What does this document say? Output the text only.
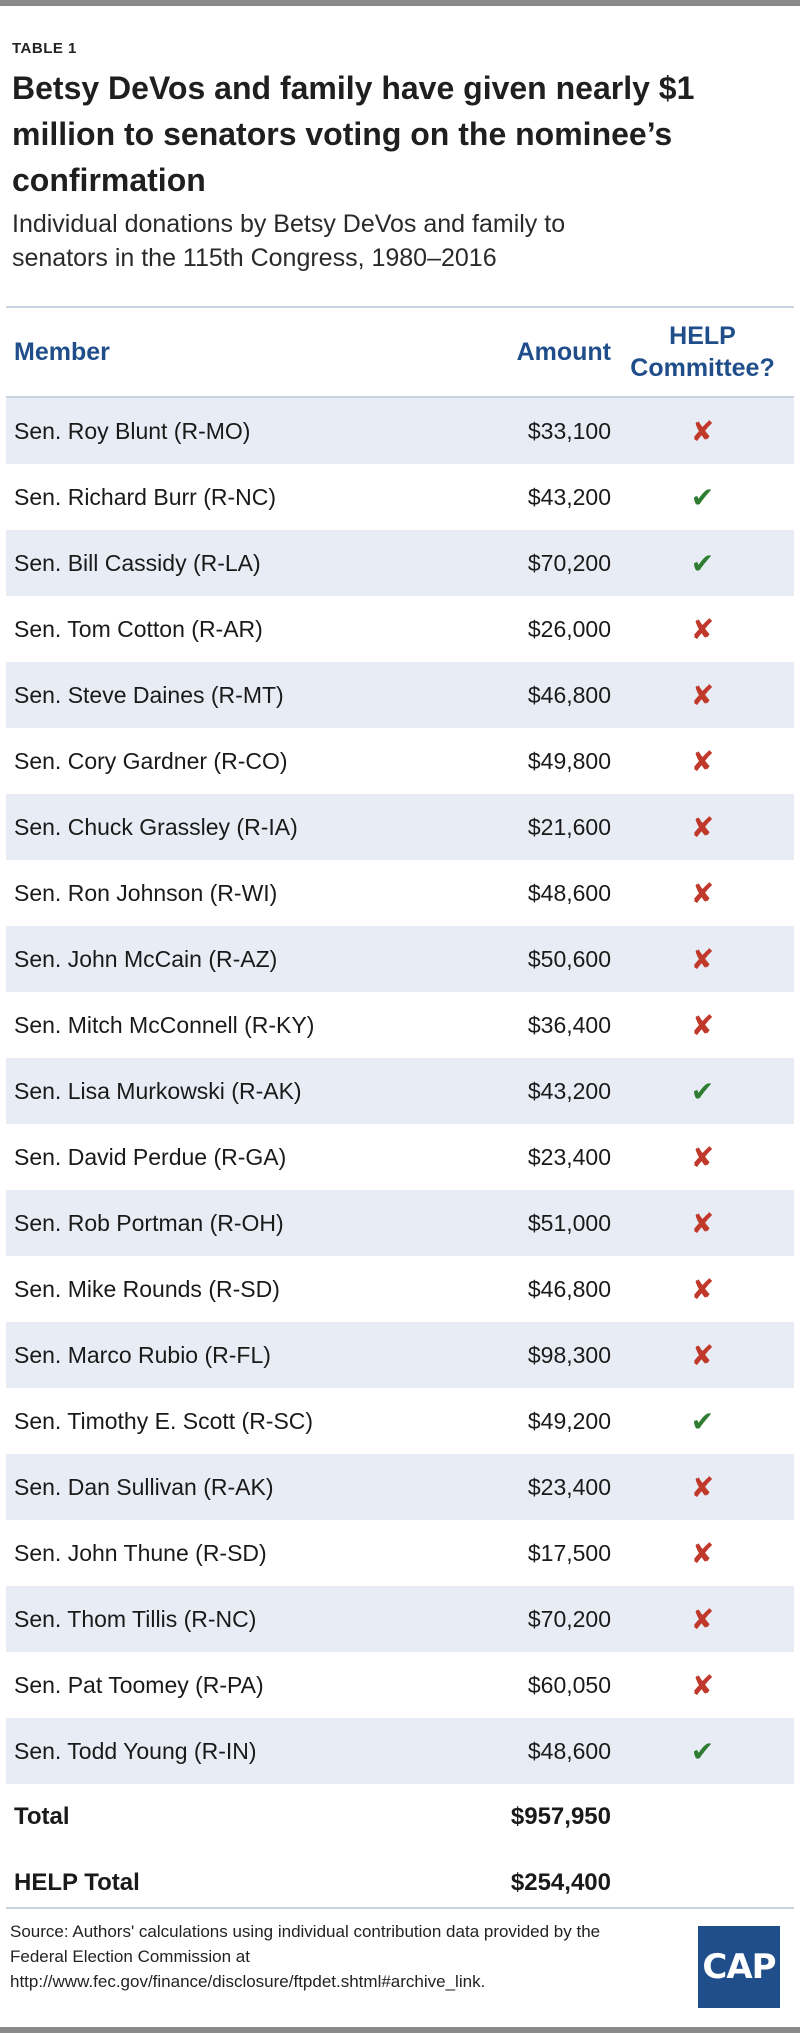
TABLE 1

Betsy DeVos and family have given nearly $1 million to senators voting on the nominee’s confirmation

Individual donations by Betsy DeVos and family to senators in the 115th Congress, 1980–2016

Member	Amount	HELP Committee?
Sen. Roy Blunt (R-MO)	$33,100	✘
Sen. Richard Burr (R-NC)	$43,200	✔
Sen. Bill Cassidy (R-LA)	$70,200	✔
Sen. Tom Cotton (R-AR)	$26,000	✘
Sen. Steve Daines (R-MT)	$46,800	✘
Sen. Cory Gardner (R-CO)	$49,800	✘
Sen. Chuck Grassley (R-IA)	$21,600	✘
Sen. Ron Johnson (R-WI)	$48,600	✘
Sen. John McCain (R-AZ)	$50,600	✘
Sen. Mitch McConnell (R-KY)	$36,400	✘
Sen. Lisa Murkowski (R-AK)	$43,200	✔
Sen. David Perdue (R-GA)	$23,400	✘
Sen. Rob Portman (R-OH)	$51,000	✘
Sen. Mike Rounds (R-SD)	$46,800	✘
Sen. Marco Rubio (R-FL)	$98,300	✘
Sen. Timothy E. Scott (R-SC)	$49,200	✔
Sen. Dan Sullivan (R-AK)	$23,400	✘
Sen. John Thune (R-SD)	$17,500	✘
Sen. Thom Tillis (R-NC)	$70,200	✘
Sen. Pat Toomey (R-PA)	$60,050	✘
Sen. Todd Young (R-IN)	$48,600	✔
Total	$957,950	
HELP Total	$254,400	

Source: Authors' calculations using individual contribution data provided by the Federal Election Commission at http://www.fec.gov/finance/disclosure/ftpdet.shtml#archive_link.	CAP
